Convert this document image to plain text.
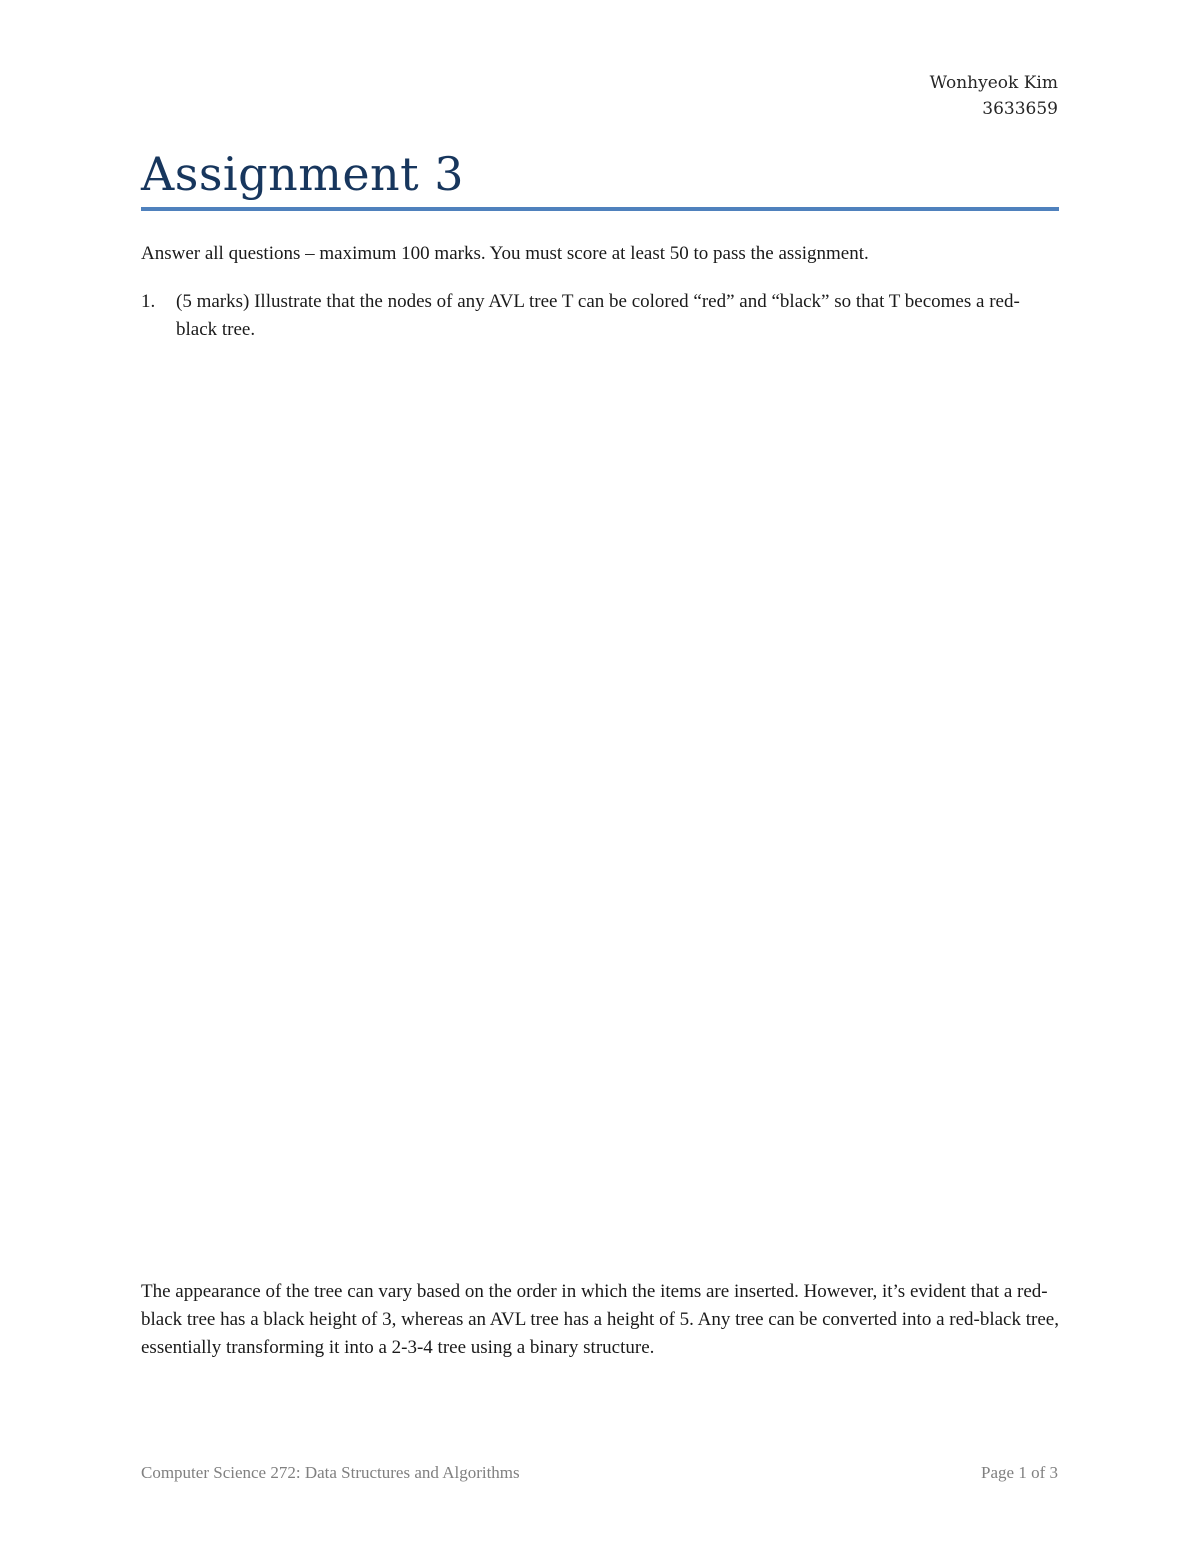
Wonhyeok Kim
3633659
Assignment 3

Answer all questions – maximum 100 marks. You must score at least 50 to pass the assignment.

1.	(5 marks) Illustrate that the nodes of any AVL tree T can be colored “red” and “black” so that T becomes a red-black tree.

The appearance of the tree can vary based on the order in which the items are inserted. However, it’s evident that a red-black tree has a black height of 3, whereas an AVL tree has a height of 5. Any tree can be converted into a red-black tree, essentially transforming it into a 2-3-4 tree using a binary structure.

Computer Science 272: Data Structures and Algorithms	Page 1 of 3
